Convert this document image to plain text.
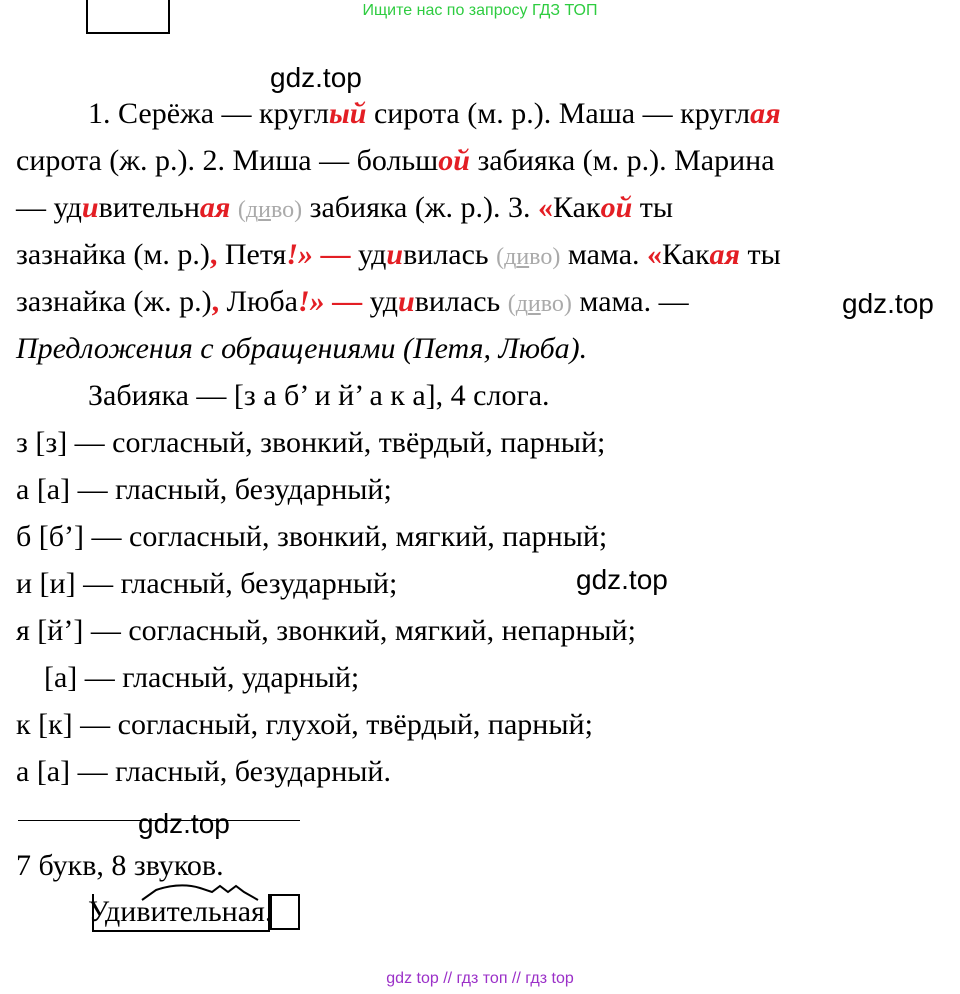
Ищите нас по запросу ГДЗ ТОП
gdz.top
gdz.top
gdz.top
gdz.top
1. Серёжа — круглый сирота (м. р.). Маша — круглая
сирота (ж. р.). 2. Миша — большой забияка (м. р.). Марина
— удивительная (диво) забияка (ж. р.). 3. «Какой ты
зазнайка (м. р.), Петя!» — удивилась (диво) мама. «Какая ты
зазнайка (ж. р.), Люба!» — удивилась (диво) мама. —
Предложения с обращениями (Петя, Люба).
Забияка — [з а б’ и й’ а к а], 4 слога.
з [з] — согласный, звонкий, твёрдый, парный;
а [а] — гласный, безударный;
б [б’] — согласный, звонкий, мягкий, парный;
и [и] — гласный, безударный;
я [й’] — согласный, звонкий, мягкий, непарный;
[а] — гласный, ударный;
к [к] — согласный, глухой, твёрдый, парный;
а [а] — гласный, безударный.
7 букв, 8 звуков.
Удивительная.
gdz top // гдз топ // гдз top
